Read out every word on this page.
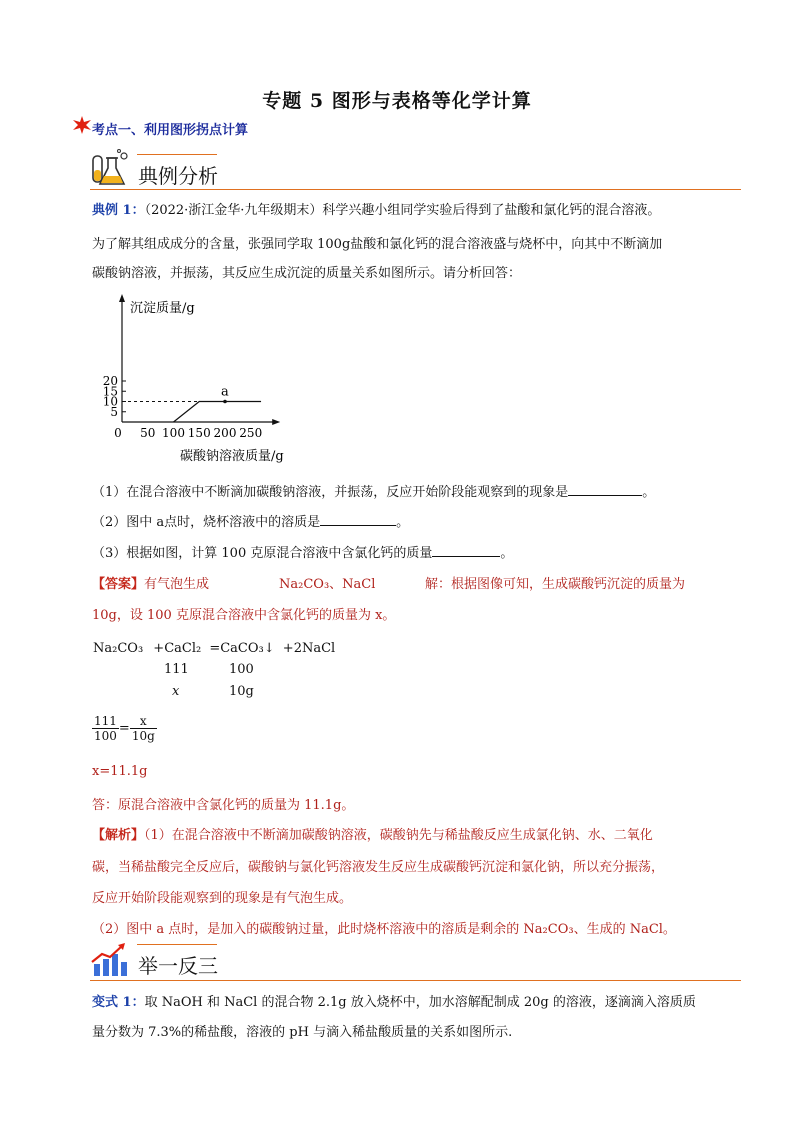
专题 5 图形与表格等化学计算
考点一、利用图形拐点计算
典例分析
典例 1：（2022·浙江金华·九年级期末）科学兴趣小组同学实验后得到了盐酸和氯化钙的混合溶液。
为了解其组成成分的含量，张强同学取 100g盐酸和氯化钙的混合溶液盛与烧杯中，向其中不断滴加
碳酸钠溶液，并振荡，其反应生成沉淀的质量关系如图所示。请分析回答：
沉淀质量/g
碳酸钠溶液质量/g
5
10
15
20
0 50 100 150 200 250
a
（1）在混合溶液中不断滴加碳酸钠溶液，并振荡，反应开始阶段能观察到的现象是	。
（2）图中 a点时，烧杯溶液中的溶质是	。
（3）根据如图，计算 100 克原混合溶液中含氯化钙的质量	。
【答案】有气泡生成	Na₂CO₃、NaCl	解：根据图像可知，生成碳酸钙沉淀的质量为
10g，设 100 克原混合溶液中含氯化钙的质量为 x。
Na₂CO₃ +CaCl₂ =CaCO₃↓ +2NaCl
111	100
x	10g
$\frac{111}{100} = \frac{x}{10g}$
x=11.1g
答：原混合溶液中含氯化钙的质量为 11.1g。
【解析】（1）在混合溶液中不断滴加碳酸钠溶液，碳酸钠先与稀盐酸反应生成氯化钠、水、二氧化
碳，当稀盐酸完全反应后，碳酸钠与氯化钙溶液发生反应生成碳酸钙沉淀和氯化钠，所以充分振荡，
反应开始阶段能观察到的现象是有气泡生成。
（2）图中 a 点时，是加入的碳酸钠过量，此时烧杯溶液中的溶质是剩余的 Na₂CO₃、生成的 NaCl。
举一反三
变式 1：取 NaOH 和 NaCl 的混合物 2.1g 放入烧杯中，加水溶解配制成 20g 的溶液，逐滴滴入溶质质
量分数为 7.3%的稀盐酸，溶液的 pH 与滴入稀盐酸质量的关系如图所示.
